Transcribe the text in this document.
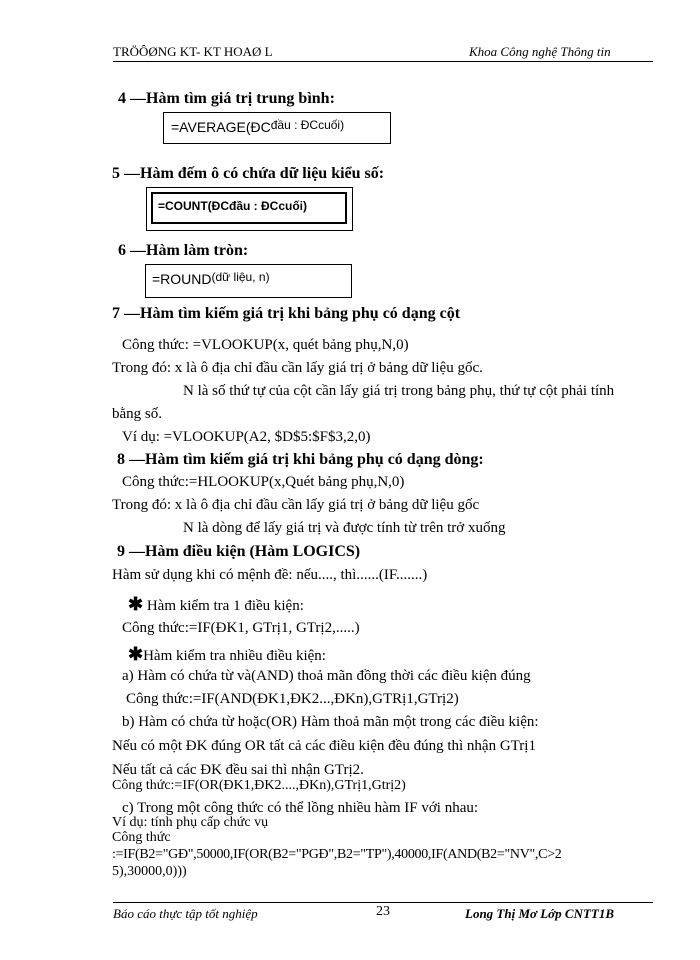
TRÖÔØNG KT- KT HOAØ L	Khoa Công nghệ Thông tin
4 —Hàm tìm giá trị trung bình:
=AVERAGE(ĐCđầu : ĐCcuối)
5 —Hàm đếm ô có chứa dữ liệu kiểu số:
=COUNT(ĐCđầu : ĐCcuối)
6 —Hàm làm tròn:
=ROUND(dữ liệu, n)
7 —Hàm tìm kiếm giá trị khi bảng phụ có dạng cột
Công thức: =VLOOKUP(x, quét bảng phụ,N,0)
Trong đó: x là ô địa chỉ đầu cần lấy giá trị ở bảng dữ liệu gốc.
N là số thứ tự của cột cần lấy giá trị trong bảng phụ, thứ tự cột phải tính
bằng số.
Ví dụ: =VLOOKUP(A2, $D$5:$F$3,2,0)
8 —Hàm tìm kiếm giá trị khi bảng phụ có dạng dòng:
Công thức:=HLOOKUP(x,Quét bảng phụ,N,0)
Trong đó: x là ô địa chỉ đầu cần lấy giá trị ở bảng dữ liệu gốc
N là dòng để lấy giá trị và được tính từ trên trở xuống
9 —Hàm điều kiện (Hàm LOGICS)
Hàm sử dụng khi có mệnh đề: nếu...., thì......(IF.......)
✱ Hàm kiểm tra 1 điều kiện:
Công thức:=IF(ĐK1, GTrị1, GTrị2,.....)
✱Hàm kiểm tra nhiều điều kiện:
a) Hàm có chứa từ và(AND) thoả mãn đồng thời các điều kiện đúng
Công thức:=IF(AND(ĐK1,ĐK2...,ĐKn),GTRị1,GTrị2)
b) Hàm có chứa từ hoặc(OR) Hàm thoả mãn một trong các điều kiện:
Nếu có một ĐK đúng OR tất cả các điều kiện đều đúng thì nhận GTrị1
Nếu tất cả các ĐK đều sai thì nhận GTrị2.
Công thức:=IF(OR(ĐK1,ĐK2....,ĐKn),GTrị1,Gtrị2)
c) Trong một công thức có thể lồng nhiều hàm IF với nhau:
Ví dụ: tính phụ cấp chức vụ
Công thức
:=IF(B2="GĐ",50000,IF(OR(B2="PGĐ",B2="TP"),40000,IF(AND(B2="NV",C>2
5),30000,0)))
Báo cáo thực tập tốt nghiệp	23	Long Thị Mơ Lớp CNTT1B
